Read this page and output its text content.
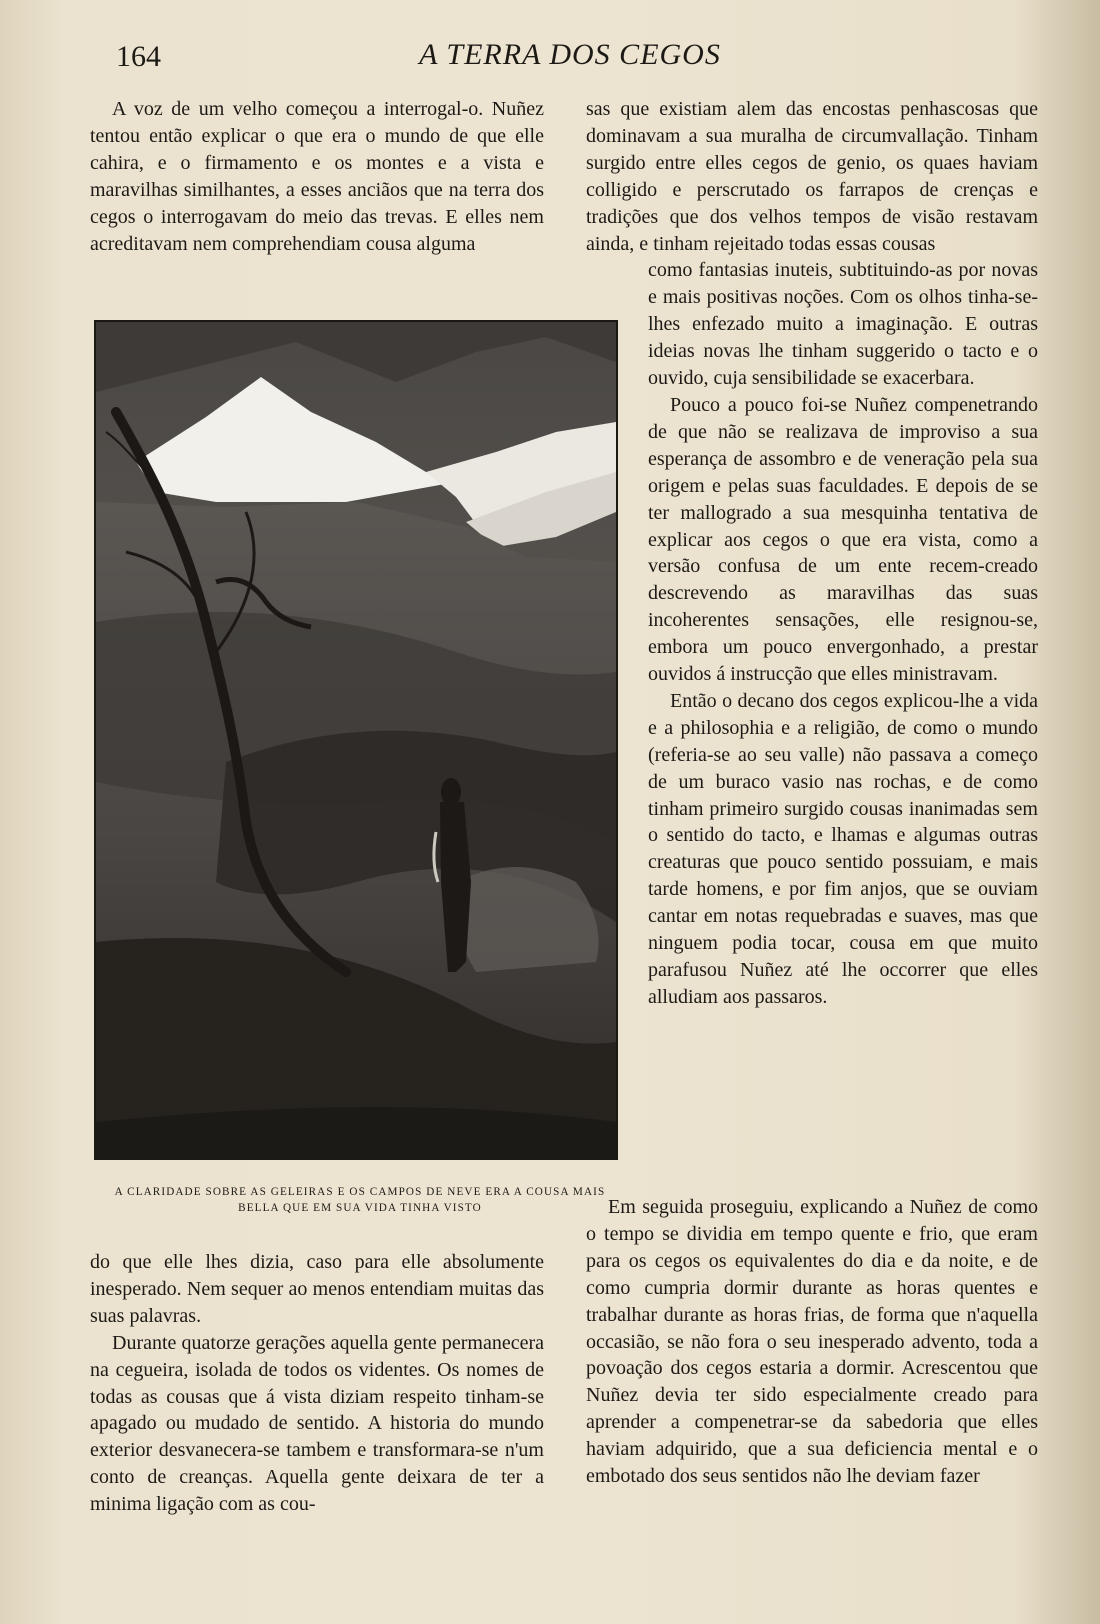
164	A TERRA DOS CEGOS

A voz de um velho começou a interrogal-o. Nuñez tentou então explicar o que era o mundo de que elle cahira, e o firmamento e os montes e a vista e maravilhas similhantes, a esses anciãos que na terra dos cegos o interrogavam do meio das trevas. E elles nem acreditavam nem comprehendiam cousa alguma

A CLARIDADE SOBRE AS GELEIRAS E OS CAMPOS DE NEVE ERA A COUSA MAIS BELLA QUE EM SUA VIDA TINHA VISTO

do que elle lhes dizia, caso para elle absolumente inesperado. Nem sequer ao menos entendiam muitas das suas palavras.

Durante quatorze gerações aquella gente permanecera na cegueira, isolada de todos os videntes. Os nomes de todas as cousas que á vista diziam respeito tinham-se apagado ou mudado de sentido. A historia do mundo exterior desvanecera-se tambem e transformara-se n'um conto de creanças. Aquella gente deixara de ter a minima ligação com as cou-

sas que existiam alem das encostas penhascosas que dominavam a sua muralha de circumvallação. Tinham surgido entre elles cegos de genio, os quaes haviam colligido e perscrutado os farrapos de crenças e tradições que dos velhos tempos de visão restavam ainda, e tinham rejeitado todas essas cousas

como fantasias inuteis, subtituindo-as por novas e mais positivas noções. Com os olhos tinha-se-lhes enfezado muito a imaginação. E outras ideias novas lhe tinham suggerido o tacto e o ouvido, cuja sensibilidade se exacerbara.

Pouco a pouco foi-se Nuñez compenetrando de que não se realizava de improviso a sua esperança de assombro e de veneração pela sua origem e pelas suas faculdades. E depois de se ter mallogrado a sua mesquinha tentativa de explicar aos cegos o que era vista, como a versão confusa de um ente recem-creado descrevendo as maravilhas das suas incoherentes sensações, elle resignou-se, embora um pouco envergonhado, a prestar ouvidos á instrucção que elles ministravam.

Então o decano dos cegos explicou-lhe a vida e a philosophia e a religião, de como o mundo (referia-se ao seu valle) não passava a começo de um buraco vasio nas rochas, e de como tinham primeiro surgido cousas inanimadas sem o sentido do tacto, e lhamas e algumas outras creaturas que pouco sentido possuiam, e mais tarde homens, e por fim anjos, que se ouviam cantar em notas requebradas e suaves, mas que ninguem podia tocar, cousa em que muito parafusou Nuñez até lhe occorrer que elles alludiam aos passaros.

Em seguida proseguiu, explicando a Nuñez de como o tempo se dividia em tempo quente e frio, que eram para os cegos os equivalentes do dia e da noite, e de como cumpria dormir durante as horas quentes e trabalhar durante as horas frias, de forma que n'aquella occasião, se não fora o seu inesperado advento, toda a povoação dos cegos estaria a dormir. Acrescentou que Nuñez devia ter sido especialmente creado para aprender a compenetrar-se da sabedoria que elles haviam adquirido, que a sua deficiencia mental e o embotado dos seus sentidos não lhe deviam fazer
